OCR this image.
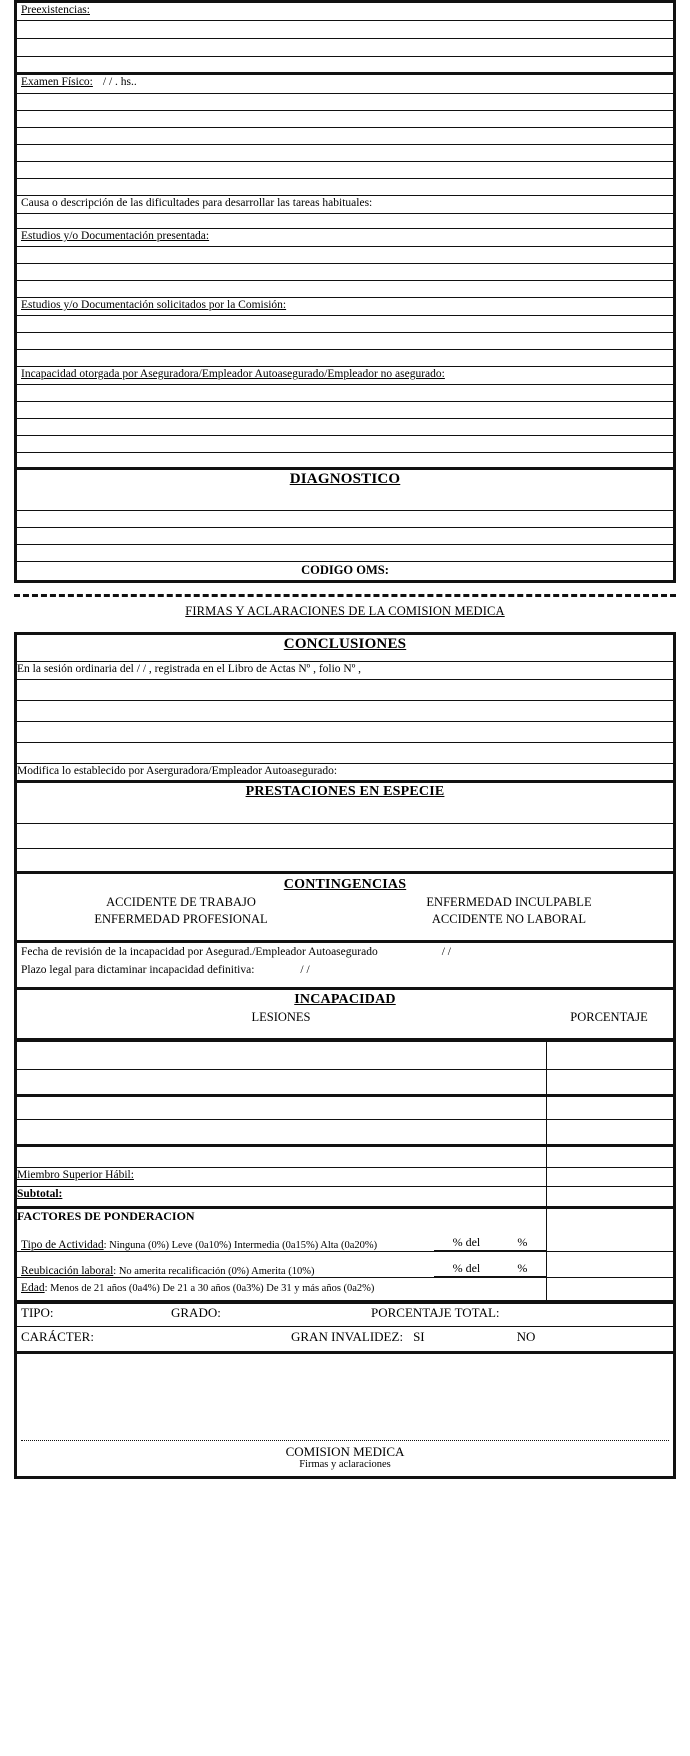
Preexistencias:

Examen Físico: / / . hs..

Causa o descripción de las dificultades para desarrollar las tareas habituales:

Estudios y/o Documentación presentada:

Estudios y/o Documentación solicitados por la Comisión:

Incapacidad otorgada por Aseguradora/Empleador Autoasegurado/Empleador no asegurado:

DIAGNOSTICO

CODIGO OMS:
FIRMAS Y ACLARACIONES DE LA COMISION MEDICA
CONCLUSIONES

En la sesión ordinaria del / / , registrada en el Libro de Actas Nº , folio Nº ,

Modifica lo establecido por Aserguradora/Empleador Autoasegurado:

PRESTACIONES EN ESPECIE

CONTINGENCIAS
ACCIDENTE DE TRABAJO	ENFERMEDAD INCULPABLE
ENFERMEDAD PROFESIONAL	ACCIDENTE NO LABORAL

Fecha de revisión de la incapacidad por Asegurad./Empleador Autoasegurado	/ /
Plazo legal para dictaminar incapacidad definitiva:	/ /

INCAPACIDAD
LESIONES	PORCENTAJE

Miembro Superior Hábil:	
Subtotal:	
FACTORES DE PONDERACION	

Tipo de Actividad: Ninguna (0%) Leve (0a10%) Intermedia (0a15%) Alta (0a20%) % del %	

Reubicación laboral: No amerita recalificación (0%) Amerita (10%) % del %	

Edad: Menos de 21 años (0a4%) De 21 a 30 años (0a3%) De 31 y más años (0a2%)	

TIPO:	GRADO:	PORCENTAJE TOTAL:

CARÁCTER:	GRAN INVALIDEZ: SI	NO

COMISION MEDICA
Firmas y aclaraciones
